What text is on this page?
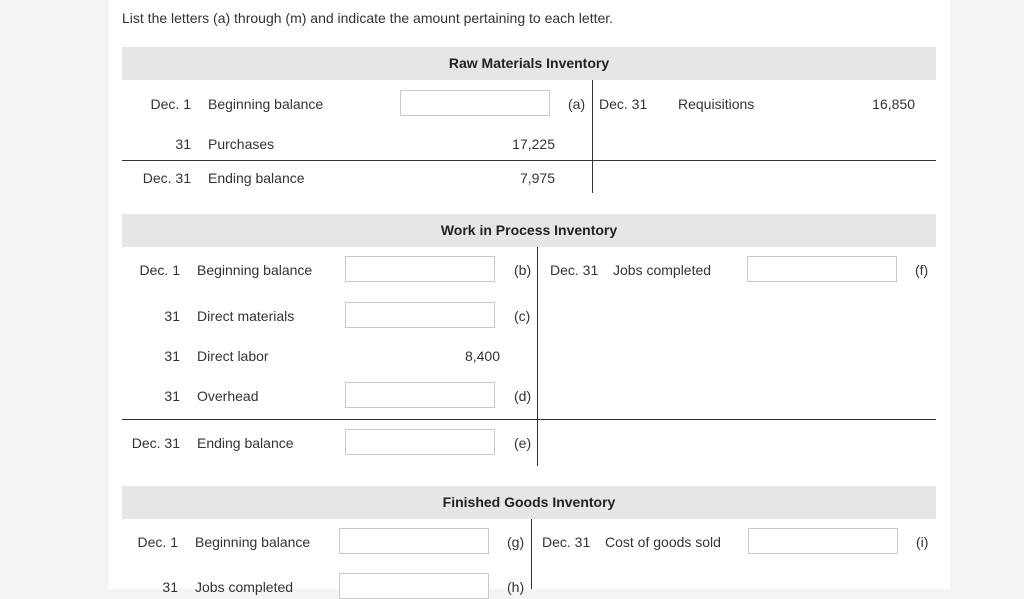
List the letters (a) through (m) and indicate the amount pertaining to each letter.
Raw Materials Inventory
Dec. 1 Beginning balance	(a) Dec. 31 Requisitions	16,850
31 Purchases	17,225
Dec. 31 Ending balance	7,975
Work in Process Inventory
Dec. 1 Beginning balance	(b) Dec. 31 Jobs completed	(f)
31 Direct materials	(c)
31 Direct labor	8,400
31 Overhead	(d)
Dec. 31 Ending balance	(e)
Finished Goods Inventory
Dec. 1 Beginning balance	(g) Dec. 31 Cost of goods sold	(i)
31 Jobs completed	(h)
